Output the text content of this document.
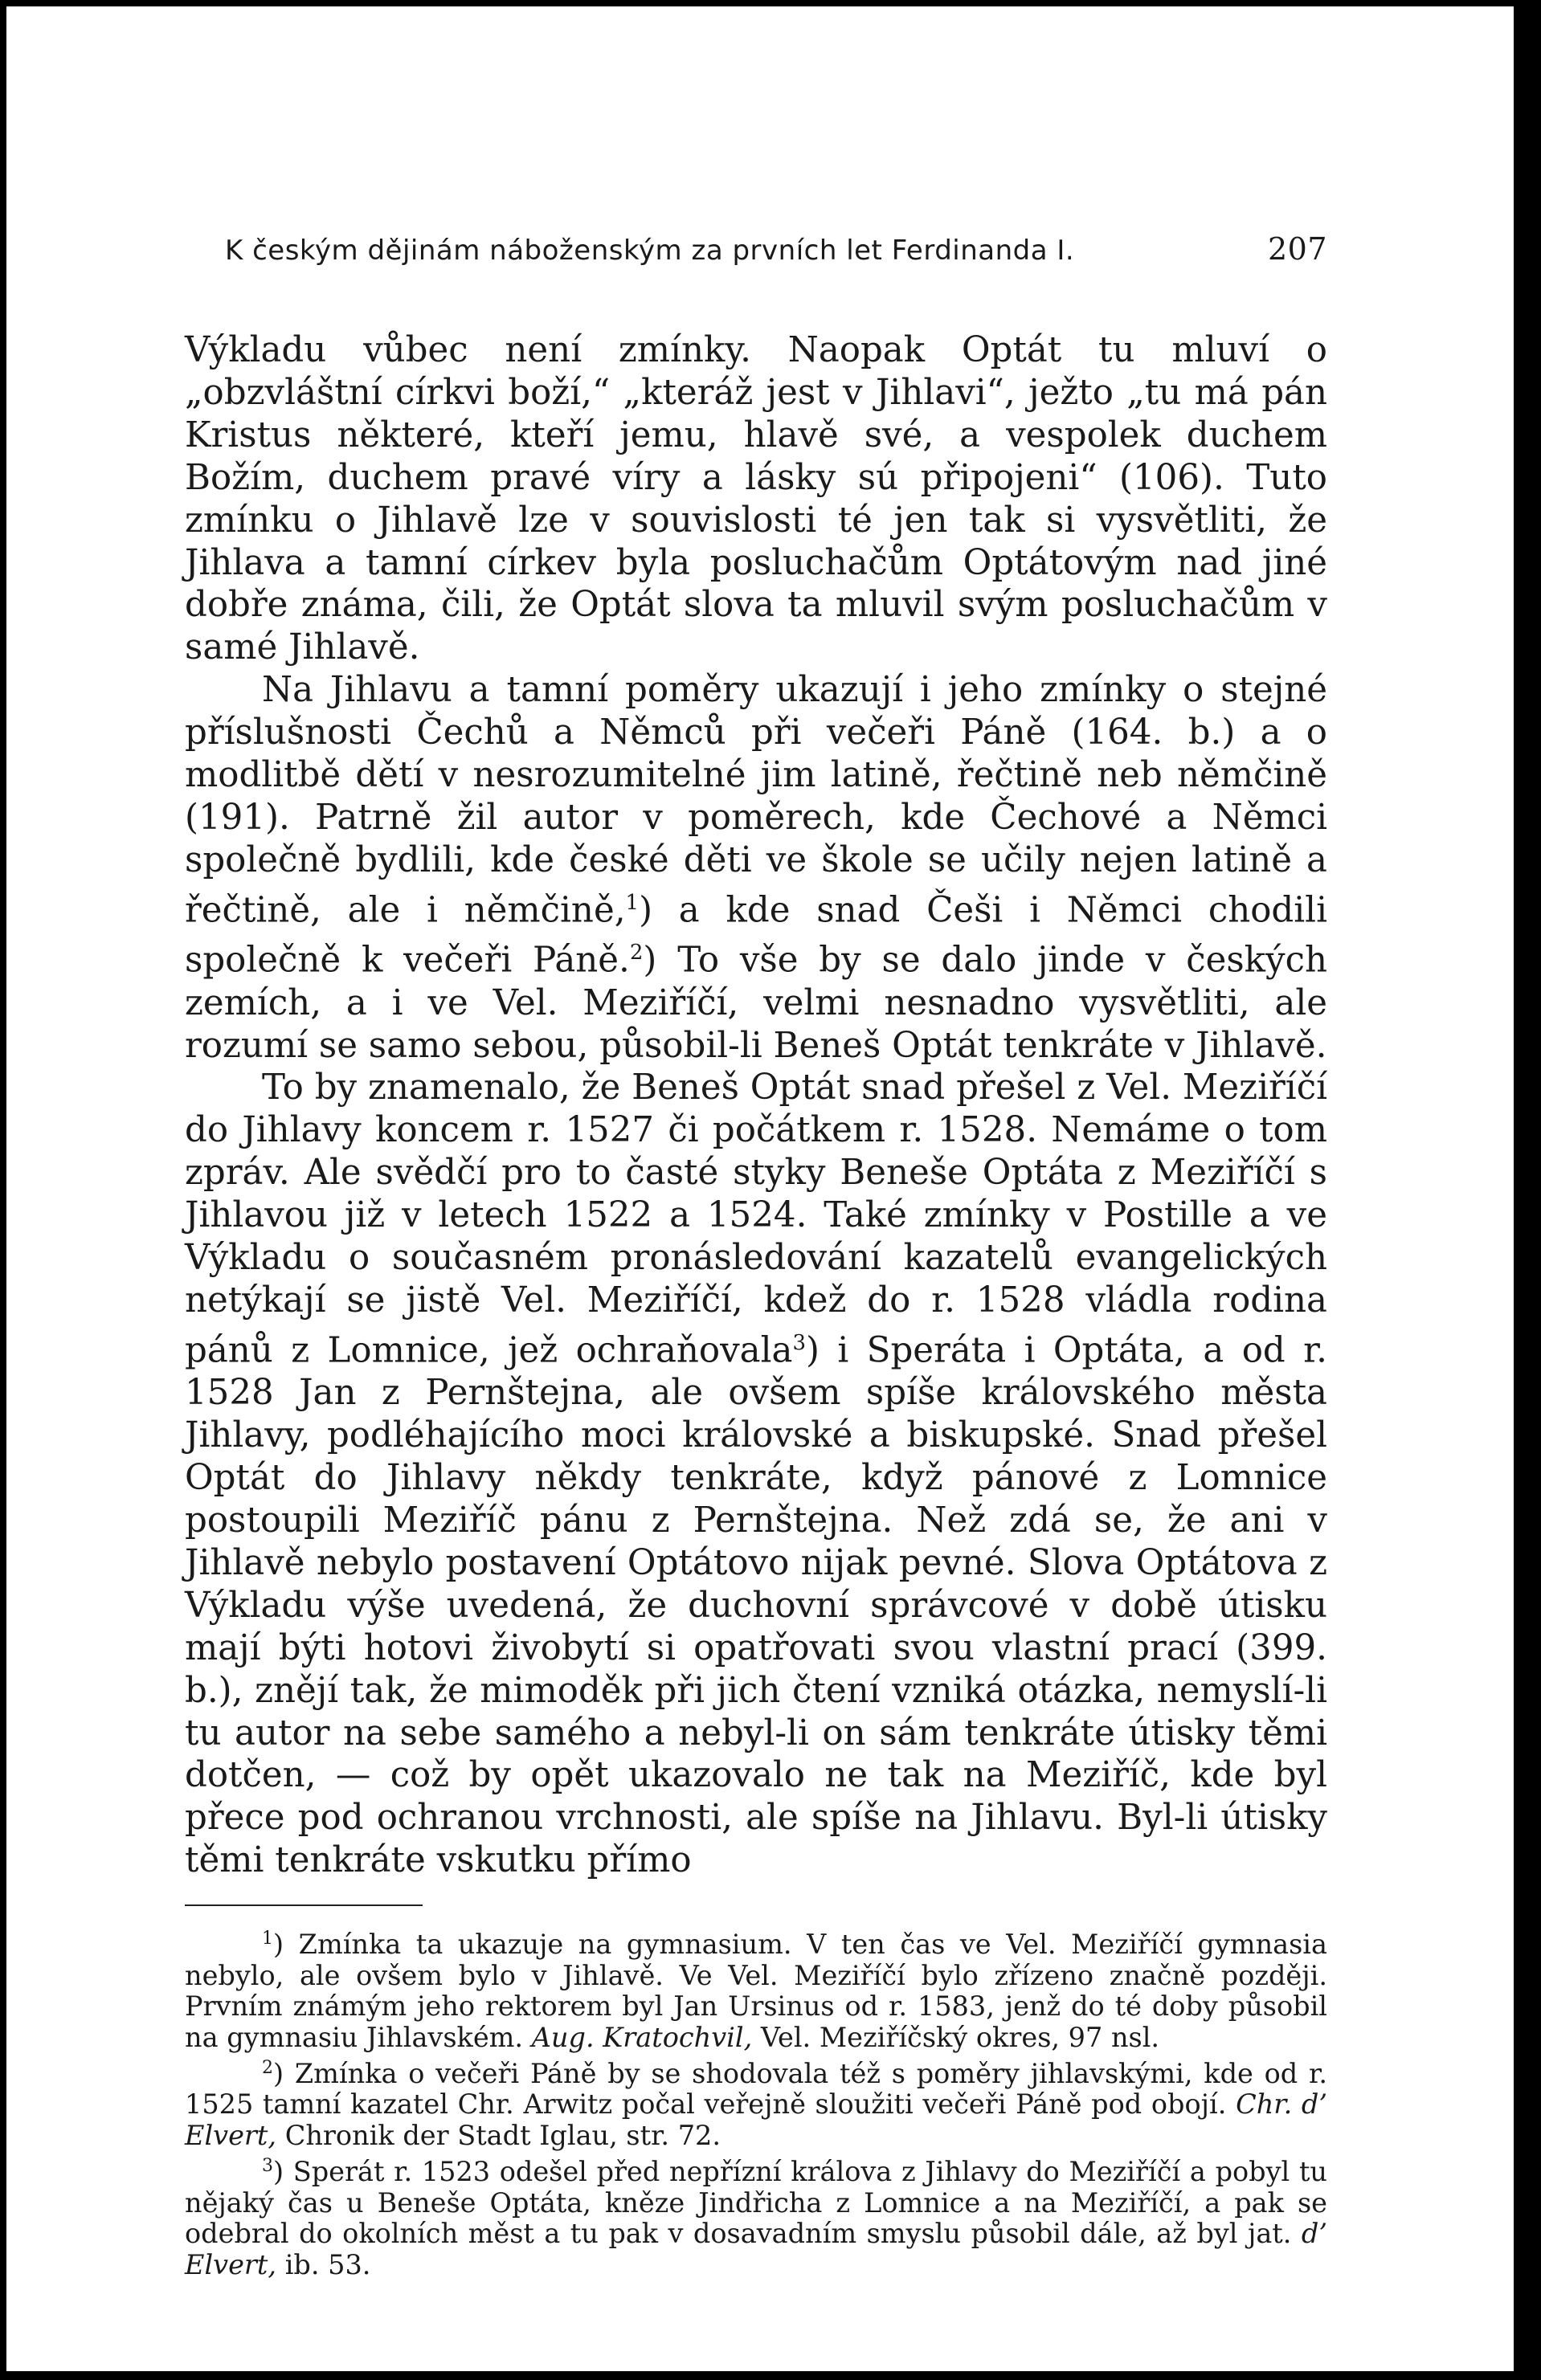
K českým dějinám náboženským za prvních let Ferdinanda I.	207

Výkladu vůbec není zmínky. Naopak Optát tu mluví o „obzvláštní církvi boží,“ „kteráž jest v Jihlavi“, ježto „tu má pán Kristus některé, kteří jemu, hlavě své, a vespolek duchem Božím, duchem pravé víry a lásky sú připojeni“ (106). Tuto zmínku o Jihlavě lze v souvislosti té jen tak si vysvětliti, že Jihlava a tamní církev byla posluchačům Optátovým nad jiné dobře známa, čili, že Optát slova ta mluvil svým posluchačům v samé Jihlavě.

Na Jihlavu a tamní poměry ukazují i jeho zmínky o stejné příslušnosti Čechů a Němců při večeři Páně (164. b.) a o modlitbě dětí v nesrozumitelné jim latině, řečtině neb němčině (191). Patrně žil autor v poměrech, kde Čechové a Němci společně bydlili, kde české děti ve škole se učily nejen latině a řečtině, ale i němčině,$^1$) a kde snad Češi i Němci chodili společně k večeři Páně.$^2$) To vše by se dalo jinde v českých zemích, a i ve Vel. Meziříčí, velmi nesnadno vysvětliti, ale rozumí se samo sebou, působil-li Beneš Optát tenkráte v Jihlavě.

To by znamenalo, že Beneš Optát snad přešel z Vel. Meziříčí do Jihlavy koncem r. 1527 či počátkem r. 1528. Nemáme o tom zpráv. Ale svědčí pro to časté styky Beneše Optáta z Meziříčí s Jihlavou již v letech 1522 a 1524. Také zmínky v Postille a ve Výkladu o současném pronásledování kazatelů evangelických netýkají se jistě Vel. Meziříčí, kdež do r. 1528 vládla rodina pánů z Lomnice, jež ochraňovala$^3$) i Speráta i Optáta, a od r. 1528 Jan z Pernštejna, ale ovšem spíše královského města Jihlavy, podléhajícího moci královské a biskupské. Snad přešel Optát do Jihlavy někdy tenkráte, když pánové z Lomnice postoupili Meziříč pánu z Pernštejna. Než zdá se, že ani v Jihlavě nebylo postavení Optátovo nijak pevné. Slova Optátova z Výkladu výše uvedená, že duchovní správcové v době útisku mají býti hotovi živobytí si opatřovati svou vlastní prací (399. b.), znějí tak, že mimoděk při jich čtení vzniká otázka, nemyslí-li tu autor na sebe samého a nebyl-li on sám tenkráte útisky těmi dotčen, — což by opět ukazovalo ne tak na Meziříč, kde byl přece pod ochranou vrchnosti, ale spíše na Jihlavu. Byl-li útisky těmi tenkráte vskutku přímo

$^1$) Zmínka ta ukazuje na gymnasium. V ten čas ve Vel. Meziříčí gymnasia nebylo, ale ovšem bylo v Jihlavě. Ve Vel. Meziříčí bylo zřízeno značně později. Prvním známým jeho rektorem byl Jan Ursinus od r. 1583, jenž do té doby působil na gymnasiu Jihlavském. Aug. Kratochvil, Vel. Meziříčský okres, 97 nsl.

$^2$) Zmínka o večeři Páně by se shodovala též s poměry jihlavskými, kde od r. 1525 tamní kazatel Chr. Arwitz počal veřejně sloužiti večeři Páně pod obojí. Chr. d’ Elvert, Chronik der Stadt Iglau, str. 72.

$^3$) Sperát r. 1523 odešel před nepřízní králova z Jihlavy do Meziříčí a pobyl tu nějaký čas u Beneše Optáta, kněze Jindřicha z Lomnice a na Meziříčí, a pak se odebral do okolních měst a tu pak v dosavadním smyslu působil dále, až byl jat. d’ Elvert, ib. 53.
